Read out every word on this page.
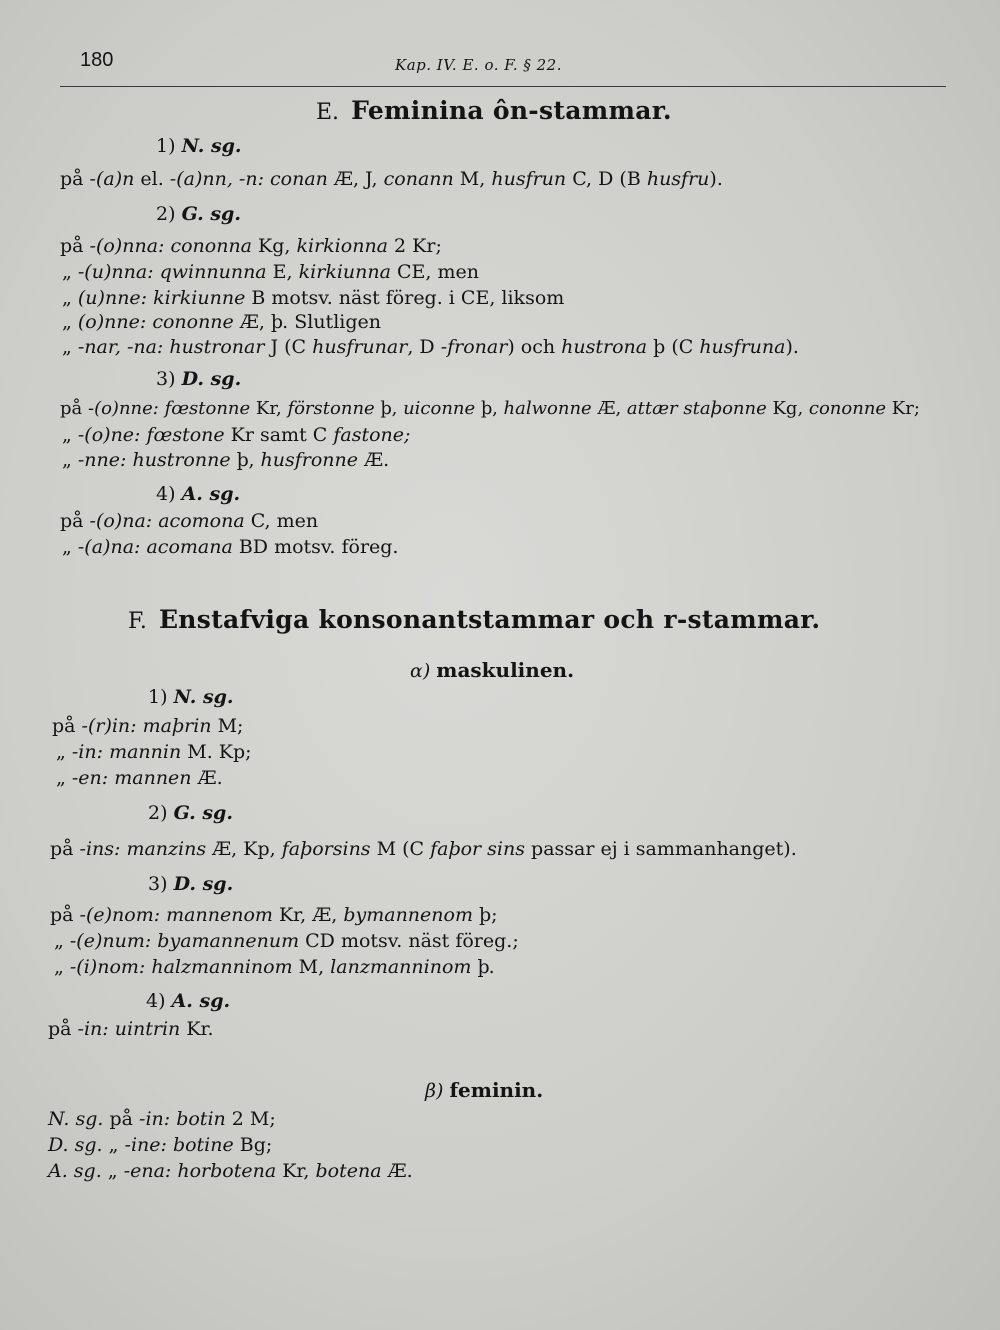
180	Kap. IV. E. o. F. § 22.
E. Feminina ôn-stammar.
1) N. sg.
på -(a)n el. -(a)nn, -n: conan Æ, J, conann M, husfrun C, D (B husfru).
2) G. sg.
på -(o)nna: cononna Kg, kirkionna 2 Kr;
„ -(u)nna: qwinnunna E, kirkiunna CE, men
„ (u)nne: kirkiunne B motsv. näst föreg. i CE, liksom
„ (o)nne: cononne Æ, þ. Slutligen
„ -nar, -na: hustronar J (C husfrunar, D -fronar) och hustrona þ (C husfruna).
3) D. sg.
på -(o)nne: fœstonne Kr, förstonne þ, uiconne þ, halwonne Æ, attær staþonne Kg, cononne Kr;
„ -(o)ne: fœstone Kr samt C fastone;
„ -nne: hustronne þ, husfronne Æ.
4) A. sg.
på -(o)na: acomona C, men
„ -(a)na: acomana BD motsv. föreg.
F. Enstafviga konsonantstammar och r-stammar.
α) maskulinen.
1) N. sg.
på -(r)in: maþrin M;
„ -in: mannin M. Kp;
„ -en: mannen Æ.
2) G. sg.
på -ins: manzins Æ, Kp, faþorsins M (C faþor sins passar ej i sammanhanget).
3) D. sg.
på -(e)nom: mannenom Kr, Æ, bymannenom þ;
„ -(e)num: byamannenum CD motsv. näst föreg.;
„ -(i)nom: halzmanninom M, lanzmanninom þ.
4) A. sg.
på -in: uintrin Kr.
β) feminin.
N. sg. på -in: botin 2 M;
D. sg. „ -ine: botine Bg;
A. sg. „ -ena: horbotena Kr, botena Æ.
